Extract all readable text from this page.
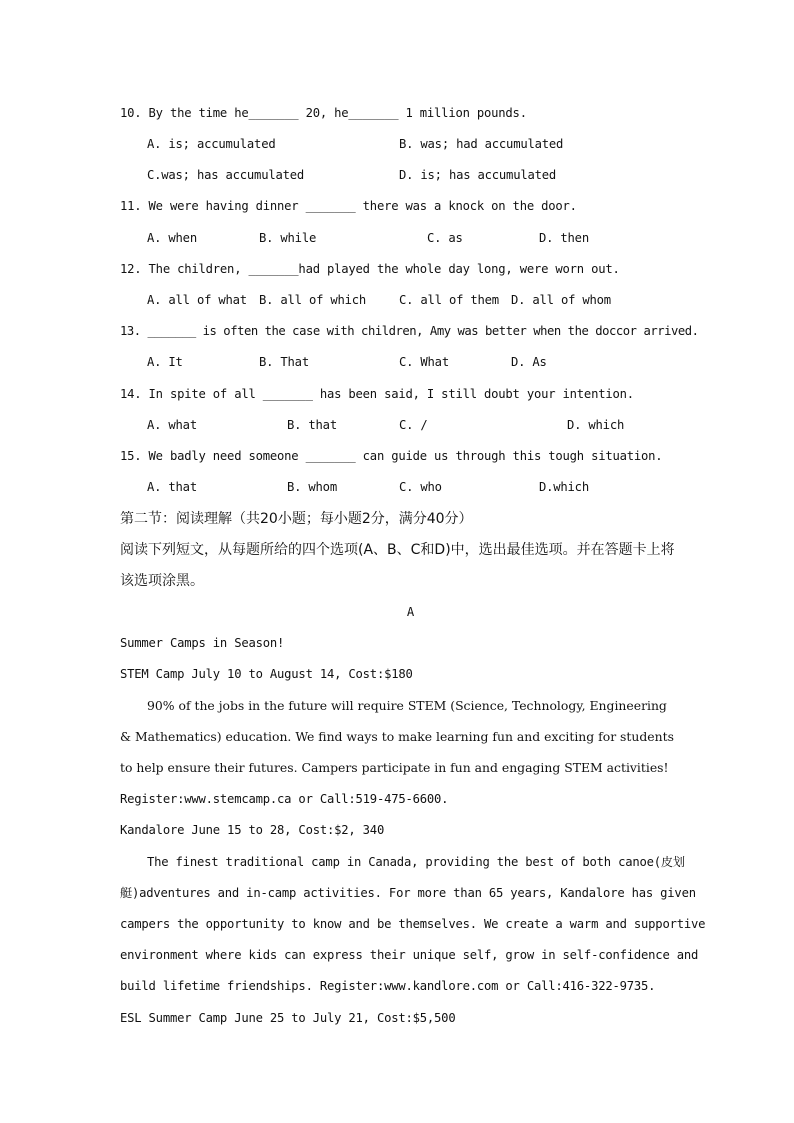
10. By the time he_______ 20, he_______ 1 million pounds.
A. is; accumulated	B. was; had accumulated
C.was; has accumulated	D. is; has accumulated
11. We were having dinner _______ there was a knock on the door.
A. when	B. while	C. as	D. then
12. The children, _______had played the whole day long, were worn out.
A. all of what B. all of which	C. all of them D. all of whom
13. _______ is often the case with children, Amy was better when the doccor arrived.
A. It	B. That	C. What	D. As
14. In spite of all _______ has been said, I still doubt your intention.
A. what	B. that	C. /	D. which
15. We badly need someone _______ can guide us through this tough situation.
A. that	B. whom	C. who	D.which
第二节：阅读理解（共20小题；每小题2分，满分40分）
阅读下列短文，从每题所给的四个选项(A、B、C和D)中，选出最佳选项。并在答题卡上将
该选项涂黑。
A
Summer Camps in Season!
STEM Camp July 10 to August 14, Cost:$180
90% of the jobs in the future will require STEM (Science, Technology, Engineering
& Mathematics) education. We find ways to make learning fun and exciting for students
to help ensure their futures. Campers participate in fun and engaging STEM activities!
Register:www.stemcamp.ca or Call:519-475-6600.
Kandalore June 15 to 28, Cost:$2, 340
The finest traditional camp in Canada, providing the best of both canoe(皮划
艇)adventures and in-camp activities. For more than 65 years, Kandalore has given
campers the opportunity to know and be themselves. We create a warm and supportive
environment where kids can express their unique self, grow in self-confidence and
build lifetime friendships. Register:www.kandlore.com or Call:416-322-9735.
ESL Summer Camp June 25 to July 21, Cost:$5,500
